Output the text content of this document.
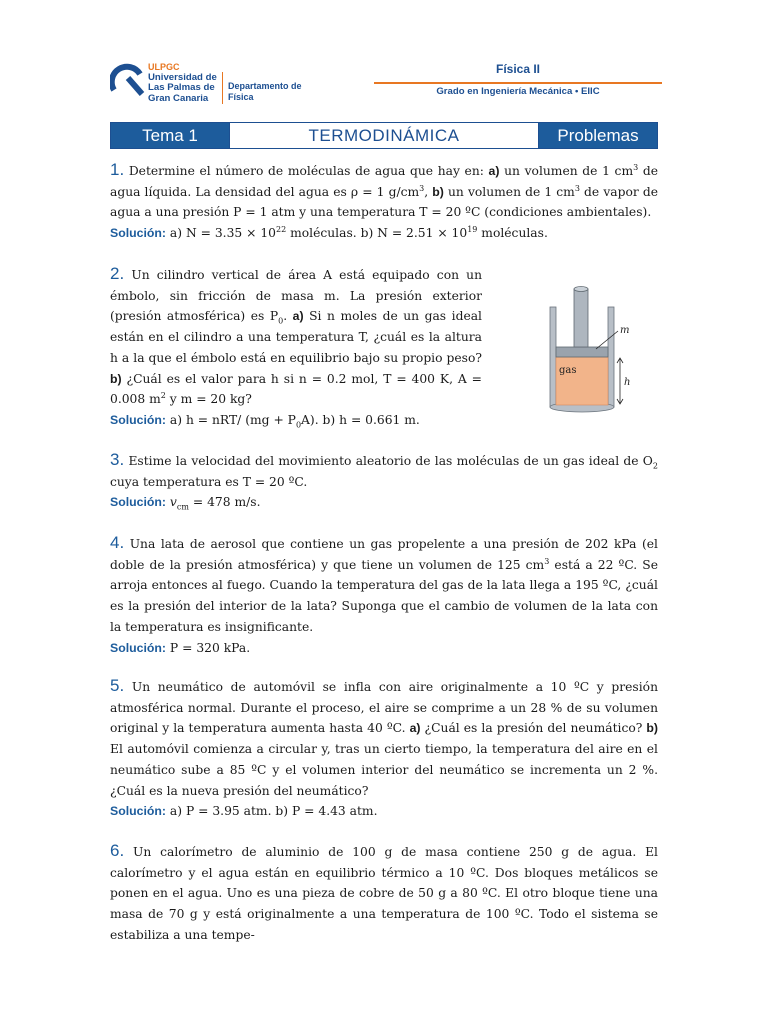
ULPGC
Universidad de
Las Palmas de
Gran Canaria
Departamento de
Física
Física II
Grado en Ingeniería Mecánica • EIIC
Tema 1	TERMODINÁMICA	Problemas
1. Determine el número de moléculas de agua que hay en: a) un volumen de 1 $cm^3$ de agua líquida. La densidad del agua es ρ = 1 $g/cm^3$, b) un volumen de 1 $cm^3$ de vapor de agua a una presión P = 1 atm y una temperatura T = 20 ºC (condiciones ambientales).
Solución: a) $N = 3.35 \times 10^{22}$ moléculas. b) $N = 2.51 \times 10^{19}$ moléculas.
2. Un cilindro vertical de área A está equipado con un émbolo, sin fricción de masa m. La presión exterior (presión atmosférica) es $P_0$. a) Si n moles de un gas ideal están en el cilindro a una temperatura T, ¿cuál es la altura h a la que el émbolo está en equilibrio bajo su propio peso? b) ¿Cuál es el valor para h si n = 0.2 mol, T = 400 K, A = 0.008 $m^2$ y m = 20 kg?
Solución: a) h = nRT/ $(mg + P_0A)$. b) h = 0.661 m.
m
gas
h
3. Estime la velocidad del movimiento aleatorio de las moléculas de un gas ideal de $O_2$ cuya temperatura es T = 20 ºC.
Solución: $v_{cm} = 478$ m/s.
4. Una lata de aerosol que contiene un gas propelente a una presión de 202 kPa (el doble de la presión atmosférica) y que tiene un volumen de 125 $cm^3$ está a 22 ºC. Se arroja entonces al fuego. Cuando la temperatura del gas de la lata llega a 195 ºC, ¿cuál es la presión del interior de la lata? Suponga que el cambio de volumen de la lata con la temperatura es insignificante.
Solución: P = 320 kPa.
5. Un neumático de automóvil se infla con aire originalmente a 10 ºC y presión atmosférica normal. Durante el proceso, el aire se comprime a un 28 % de su volumen original y la temperatura aumenta hasta 40 ºC. a) ¿Cuál es la presión del neumático? b) El automóvil comienza a circular y, tras un cierto tiempo, la temperatura del aire en el neumático sube a 85 ºC y el volumen interior del neumático se incrementa un 2 %. ¿Cuál es la nueva presión del neumático?
Solución: a) P = 3.95 atm. b) P = 4.43 atm.
6. Un calorímetro de aluminio de 100 g de masa contiene 250 g de agua. El calorímetro y el agua están en equilibrio térmico a 10 ºC. Dos bloques metálicos se ponen en el agua. Uno es una pieza de cobre de 50 g a 80 ºC. El otro bloque tiene una masa de 70 g y está originalmente a una temperatura de 100 ºC. Todo el sistema se estabiliza a una tempe-
